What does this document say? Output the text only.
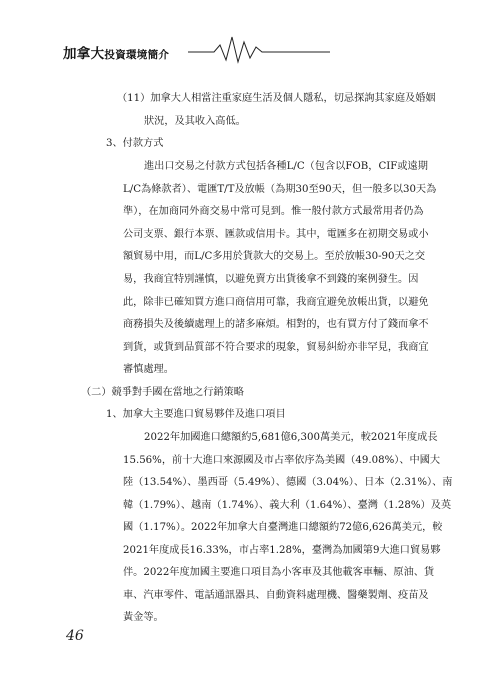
加拿大投資環境簡介
（11）加拿大人相當注重家庭生活及個人隱私，切忌探詢其家庭及婚姻
狀況，及其收入高低。
3、付款方式
進出口交易之付款方式包括各種L/C（包含以FOB，CIF或遠期
L/C為條款者）、電匯T/T及放帳（為期30至90天，但一般多以30天為
準），在加商同外商交易中常可見到。惟一般付款方式最常用者仍為
公司支票、銀行本票、匯款或信用卡。其中，電匯多在初期交易或小
額貿易中用，而L/C多用於貨款大的交易上。至於放帳30-90天之交
易，我商宜特別謹慎，以避免賣方出貨後拿不到錢的案例發生。因
此，除非已確知買方進口商信用可靠，我商宜避免放帳出貨，以避免
商務損失及後續處理上的諸多麻煩。相對的，也有買方付了錢而拿不
到貨，或貨到品質部不符合要求的現象，貿易糾紛亦非罕見，我商宜
審慎處理。
（二）競爭對手國在當地之行銷策略
1、加拿大主要進口貿易夥伴及進口項目
2022年加國進口總額約5,681億6,300萬美元，較2021年度成長
15.56%，前十大進口來源國及市占率依序為美國（49.08%）、中國大
陸（13.54%）、墨西哥（5.49%）、德國（3.04%）、日本（2.31%）、南
韓（1.79%）、越南（1.74%）、義大利（1.64%）、臺灣（1.28%）及英
國（1.17%）。2022年加拿大自臺灣進口總額約72億6,626萬美元，較
2021年度成長16.33%，市占率1.28%，臺灣為加國第9大進口貿易夥
伴。2022年度加國主要進口項目為小客車及其他載客車輛、原油、貨
車、汽車零件、電話通訊器具、自動資料處理機、醫藥製劑、疫苗及
黃金等。
46
